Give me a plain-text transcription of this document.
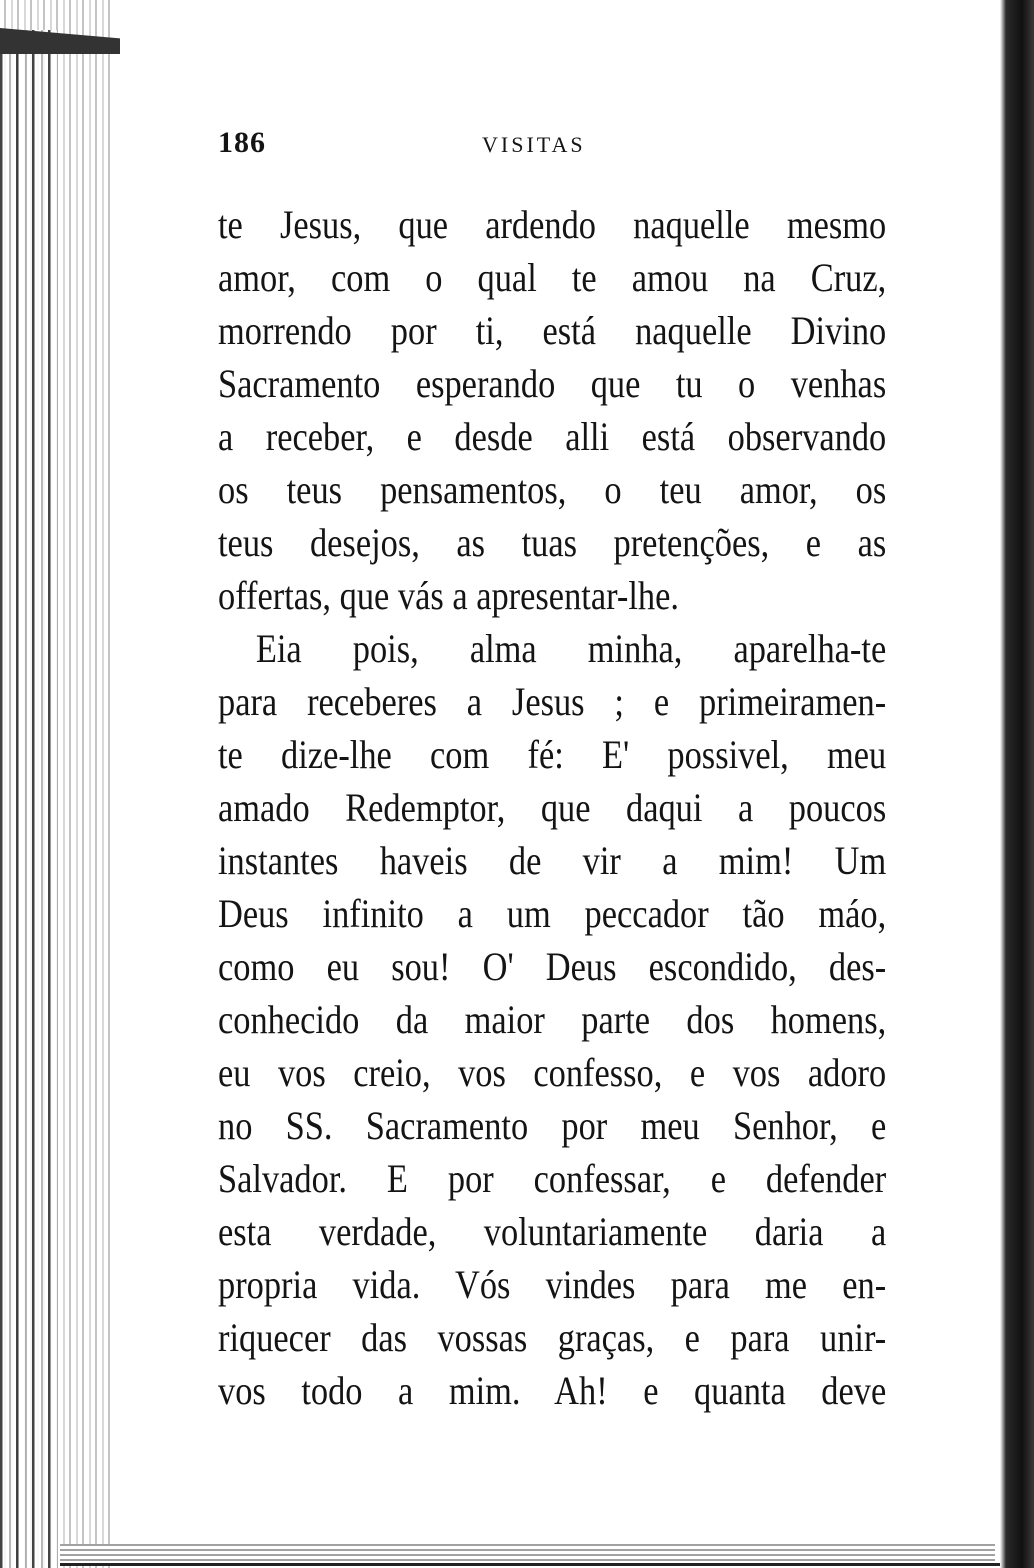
186	VISITAS
te Jesus, que ardendo naquelle mesmo
amor, com o qual te amou na Cruz,
morrendo por ti, está naquelle Divino
Sacramento esperando que tu o venhas
a receber, e desde alli está observando
os teus pensamentos, o teu amor, os
teus desejos, as tuas pretenções, e as
offertas, que vás a apresentar-lhe.
Eia pois, alma minha, aparelha-te
para receberes a Jesus ; e primeiramen-
te dize-lhe com fé: E' possivel, meu
amado Redemptor, que daqui a poucos
instantes haveis de vir a mim! Um
Deus infinito a um peccador tão máo,
como eu sou! O' Deus escondido, des-
conhecido da maior parte dos homens,
eu vos creio, vos confesso, e vos adoro
no SS. Sacramento por meu Senhor, e
Salvador. E por confessar, e defender
esta verdade, voluntariamente daria a
propria vida. Vós vindes para me en-
riquecer das vossas graças, e para unir-
vos todo a mim. Ah! e quanta deve
